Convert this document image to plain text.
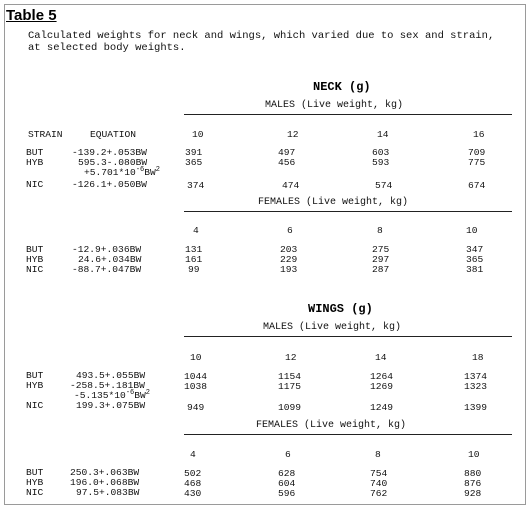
Table 5
Calculated weights for neck and wings, which varied due to sex and strain, at selected body weights.
NECK (g)
MALES (Live weight, kg)
STRAIN	EQUATION	10	12	14	16
BUT	-139.2+.053BW	391	497	603	709
HYB	595.3-.080BW	365	456	593	775
$+5.701*10^{-6}BW^2$
NIC	-126.1+.050BW	374	474	574	674
FEMALES (Live weight, kg)
4	6	8	10
BUT	-12.9+.036BW	131	203	275	347
HYB	24.6+.034BW	161	229	297	365
NIC	-88.7+.047BW	99	193	287	381
WINGS (g)
MALES (Live weight, kg)
10	12	14	18
BUT	493.5+.055BW	1044	1154	1264	1374
HYB	-258.5+.181BW	1038	1175	1269	1323
$-5.135*10^{-6}BW^2$
NIC	199.3+.075BW	949	1099	1249	1399
FEMALES (Live weight, kg)
4	6	8	10
BUT	250.3+.063BW	502	628	754	880
HYB	196.0+.068BW	468	604	740	876
NIC	97.5+.083BW	430	596	762	928
